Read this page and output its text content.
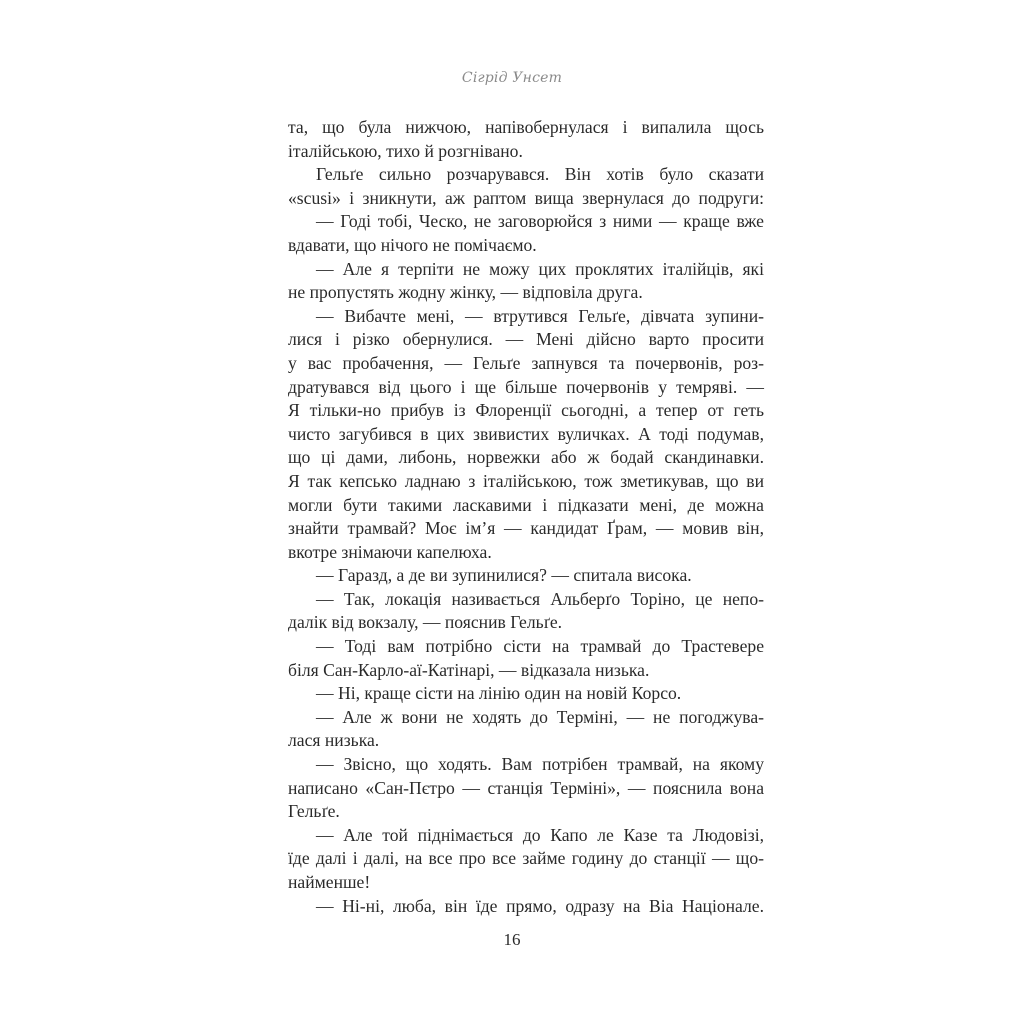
Сігрід Унсет
та, що була нижчою, напівобернулася і випалила щось
італійською, тихо й розгнівано.
Гельґе сильно розчарувався. Він хотів було сказати
«scusi» і зникнути, аж раптом вища звернулася до подруги:
— Годі тобі, Ческо, не заговорюйся з ними — краще вже
вдавати, що нічого не помічаємо.
— Але я терпіти не можу цих проклятих італійців, які
не пропустять жодну жінку, — відповіла друга.
— Вибачте мені, — втрутився Гельґе, дівчата зупини-
лися і різко обернулися. — Мені дійсно варто просити
у вас пробачення, — Гельґе запнувся та почервонів, роз-
дратувався від цього і ще більше почервонів у темряві. —
Я тільки-но прибув із Флоренції сьогодні, а тепер от геть
чисто загубився в цих звивистих вуличках. А тоді подумав,
що ці дами, либонь, норвежки або ж бодай скандинавки.
Я так кепсько ладнаю з італійською, тож зметикував, що ви
могли бути такими ласкавими і підказати мені, де можна
знайти трамвай? Моє ім’я — кандидат Ґрам, — мовив він,
вкотре знімаючи капелюха.
— Гаразд, а де ви зупинилися? — спитала висока.
— Так, локація називається Альберґо Торіно, це непо-
далік від вокзалу, — пояснив Гельґе.
— Тоді вам потрібно сісти на трамвай до Трастевере
біля Сан-Карло-аї-Катінарі, — відказала низька.
— Ні, краще сісти на лінію один на новій Корсо.
— Але ж вони не ходять до Терміні, — не погоджува-
лася низька.
— Звісно, що ходять. Вам потрібен трамвай, на якому
написано «Сан-Пєтро — станція Терміні», — пояснила вона
Гельґе.
— Але той піднімається до Капо ле Казе та Людовізі,
їде далі і далі, на все про все займе годину до станції — що-
найменше!
— Ні-ні, люба, він їде прямо, одразу на Віа Націонале.
16
